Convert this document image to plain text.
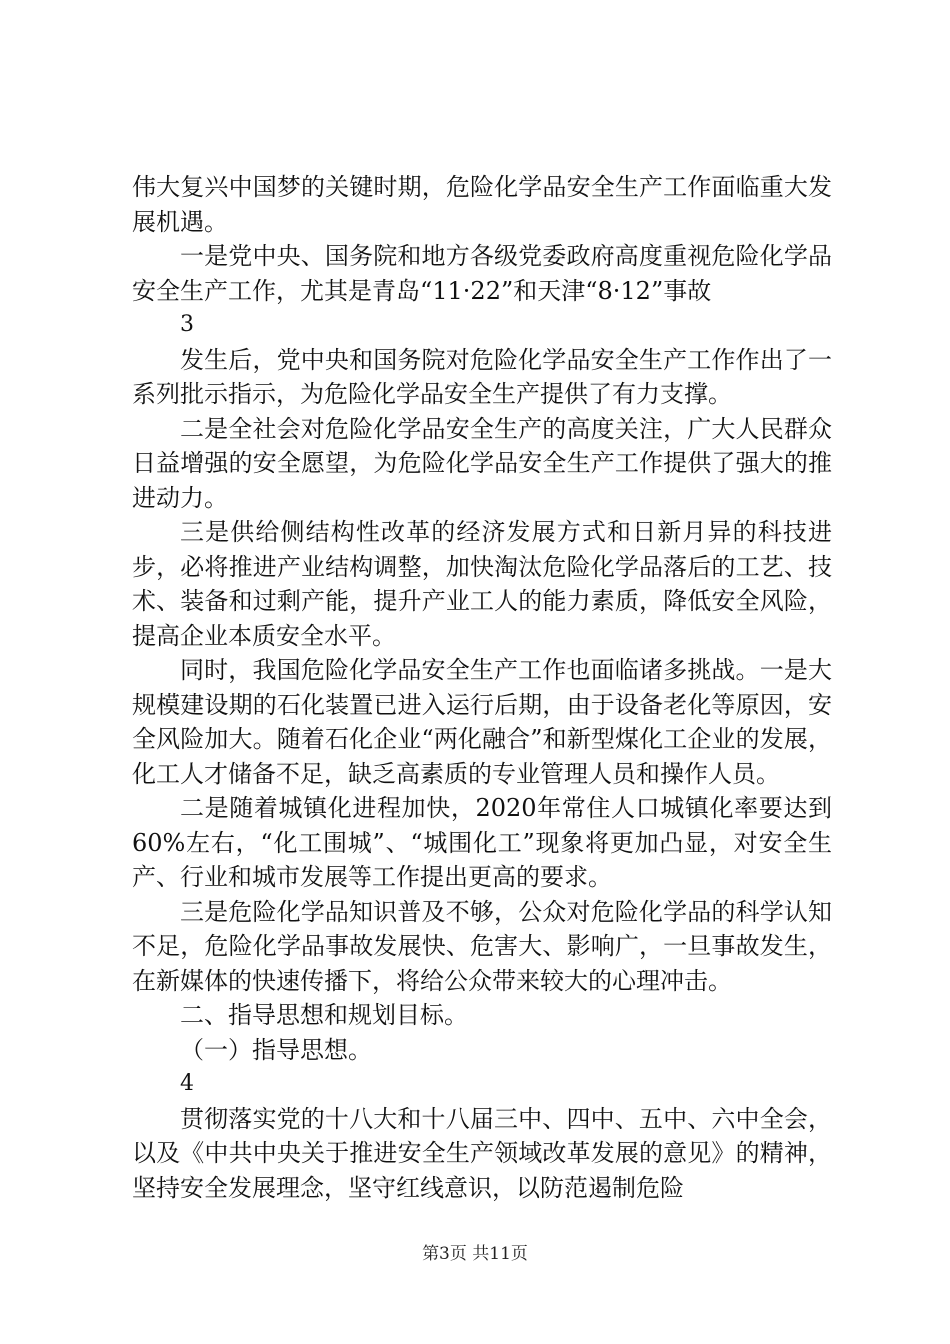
伟大复兴中国梦的关键时期，危险化学品安全生产工作面临重大发展机遇。

一是党中央、国务院和地方各级党委政府高度重视危险化学品安全生产工作，尤其是青岛“11·22”和天津“8·12”事故

3

发生后，党中央和国务院对危险化学品安全生产工作作出了一系列批示指示，为危险化学品安全生产提供了有力支撑。

二是全社会对危险化学品安全生产的高度关注，广大人民群众日益增强的安全愿望，为危险化学品安全生产工作提供了强大的推进动力。

三是供给侧结构性改革的经济发展方式和日新月异的科技进步，必将推进产业结构调整，加快淘汰危险化学品落后的工艺、技术、装备和过剩产能，提升产业工人的能力素质，降低安全风险，提高企业本质安全水平。

同时，我国危险化学品安全生产工作也面临诸多挑战。一是大规模建设期的石化装置已进入运行后期，由于设备老化等原因，安全风险加大。随着石化企业“两化融合”和新型煤化工企业的发展，化工人才储备不足，缺乏高素质的专业管理人员和操作人员。

二是随着城镇化进程加快，2020年常住人口城镇化率要达到60%左右，“化工围城”、“城围化工”现象将更加凸显，对安全生产、行业和城市发展等工作提出更高的要求。

三是危险化学品知识普及不够，公众对危险化学品的科学认知不足，危险化学品事故发展快、危害大、影响广，一旦事故发生，在新媒体的快速传播下，将给公众带来较大的心理冲击。

二、指导思想和规划目标。

（一）指导思想。

4

贯彻落实党的十八大和十八届三中、四中、五中、六中全会，以及《中共中央关于推进安全生产领域改革发展的意见》的精神，坚持安全发展理念，坚守红线意识，以防范遏制危险

第3页 共11页
